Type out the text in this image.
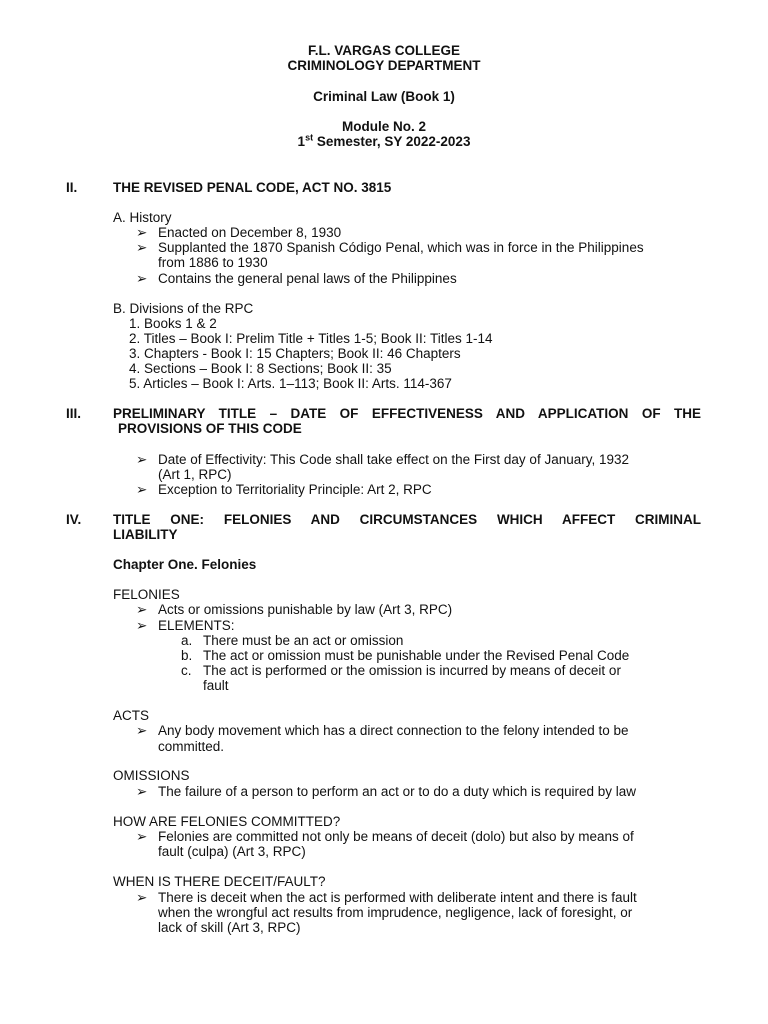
F.L. VARGAS COLLEGE
CRIMINOLOGY DEPARTMENT
Criminal Law (Book 1)
Module No. 2
1st Semester, SY 2022-2023
II.	THE REVISED PENAL CODE, ACT NO. 3815
A. History
➢ Enacted on December 8, 1930
➢ Supplanted the 1870 Spanish Código Penal, which was in force in the Philippines
from 1886 to 1930
➢ Contains the general penal laws of the Philippines
B. Divisions of the RPC
1. Books 1 & 2
2. Titles – Book I: Prelim Title + Titles 1-5; Book II: Titles 1-14
3. Chapters - Book I: 15 Chapters; Book II: 46 Chapters
4. Sections – Book I: 8 Sections; Book II: 35
5. Articles – Book I: Arts. 1–113; Book II: Arts. 114-367
III. PRELIMINARY TITLE – DATE OF EFFECTIVENESS AND APPLICATION OF THE
PROVISIONS OF THIS CODE
➢ Date of Effectivity: This Code shall take effect on the First day of January, 1932
(Art 1, RPC)
➢ Exception to Territoriality Principle: Art 2, RPC
IV. TITLE ONE: FELONIES AND CIRCUMSTANCES WHICH AFFECT CRIMINAL
LIABILITY
Chapter One. Felonies
FELONIES
➢ Acts or omissions punishable by law (Art 3, RPC)
➢ ELEMENTS:
a. There must be an act or omission
b. The act or omission must be punishable under the Revised Penal Code
c. The act is performed or the omission is incurred by means of deceit or
fault
ACTS
➢ Any body movement which has a direct connection to the felony intended to be
committed.
OMISSIONS
➢ The failure of a person to perform an act or to do a duty which is required by law
HOW ARE FELONIES COMMITTED?
➢ Felonies are committed not only be means of deceit (dolo) but also by means of
fault (culpa) (Art 3, RPC)
WHEN IS THERE DECEIT/FAULT?
➢ There is deceit when the act is performed with deliberate intent and there is fault
when the wrongful act results from imprudence, negligence, lack of foresight, or
lack of skill (Art 3, RPC)
